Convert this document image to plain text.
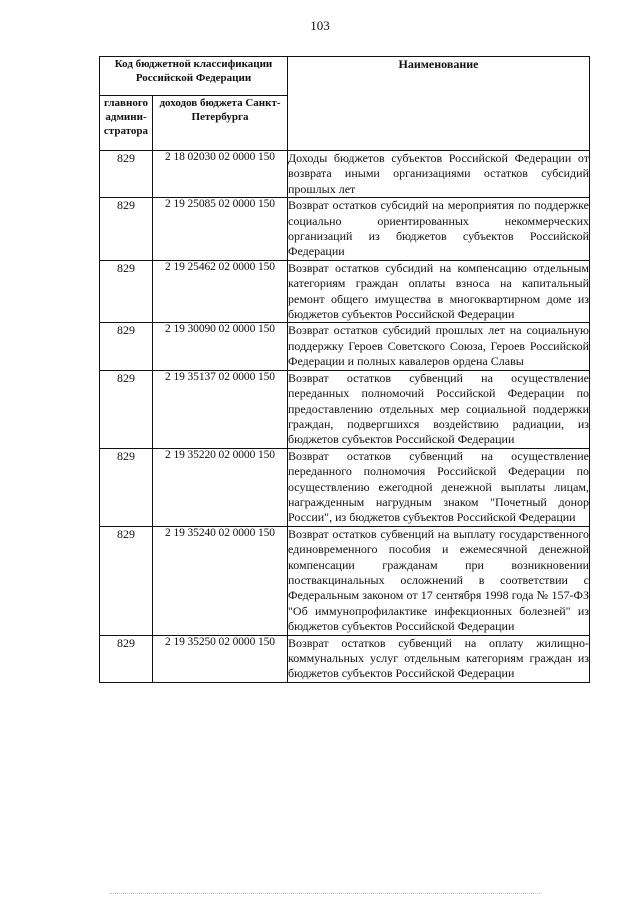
103
Код бюджетной классификации Российской Федерации		Наименование
главного админи-стратора	доходов бюджета Санкт-Петербурга	
829	2 18 02030 02 0000 150	Доходы бюджетов субъектов Российской Федерации от возврата иными организациями остатков субсидий прошлых лет
829	2 19 25085 02 0000 150	Возврат остатков субсидий на мероприятия по поддержке социально ориентированных некоммерческих организаций из бюджетов субъектов Российской Федерации
829	2 19 25462 02 0000 150	Возврат остатков субсидий на компенсацию отдельным категориям граждан оплаты взноса на капитальный ремонт общего имущества в многоквартирном доме из бюджетов субъектов Российской Федерации
829	2 19 30090 02 0000 150	Возврат остатков субсидий прошлых лет на социальную поддержку Героев Советского Союза, Героев Российской Федерации и полных кавалеров ордена Славы
829	2 19 35137 02 0000 150	Возврат остатков субвенций на осуществление переданных полномочий Российской Федерации по предоставлению отдельных мер социальной поддержки граждан, подвергшихся воздействию радиации, из бюджетов субъектов Российской Федерации
829	2 19 35220 02 0000 150	Возврат остатков субвенций на осуществление переданного полномочия Российской Федерации по осуществлению ежегодной денежной выплаты лицам, награжденным нагрудным знаком "Почетный донор России", из бюджетов субъектов Российской Федерации
829	2 19 35240 02 0000 150	Возврат остатков субвенций на выплату государственного единовременного пособия и ежемесячной денежной компенсации гражданам при возникновении поствакцинальных осложнений в соответствии с Федеральным законом от 17 сентября 1998 года № 157-ФЗ "Об иммунопрофилактике инфекционных болезней" из бюджетов субъектов Российской Федерации
829	2 19 35250 02 0000 150	Возврат остатков субвенций на оплату жилищно-коммунальных услуг отдельным категориям граждан из бюджетов субъектов Российской Федерации
